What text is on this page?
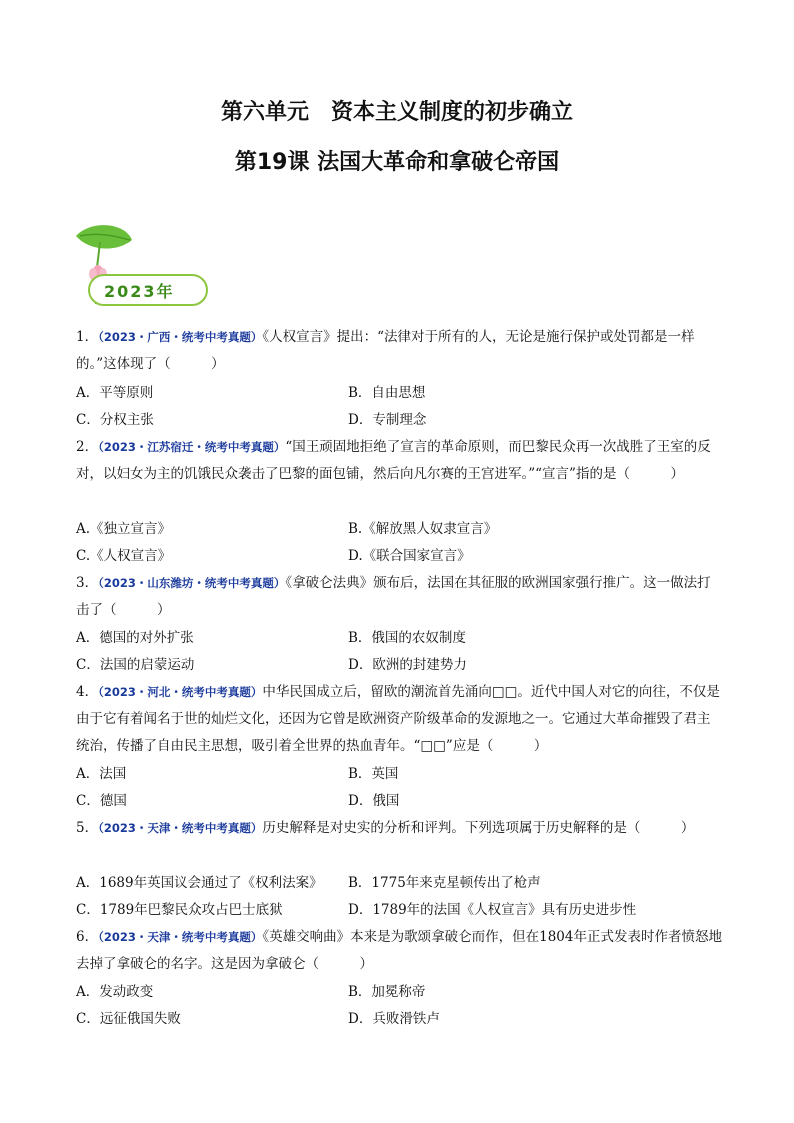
第六单元　资本主义制度的初步确立
第19课 法国大革命和拿破仑帝国
2023年
1．（2023・广西・统考中考真题）《人权宣言》提出：“法律对于所有的人，无论是施行保护或处罚都是一样的。”这体现了（　　　）
A．平等原则	B．自由思想
C．分权主张	D．专制理念
2．（2023・江苏宿迁・统考中考真题）“国王顽固地拒绝了宣言的革命原则，而巴黎民众再一次战胜了王室的反对，以妇女为主的饥饿民众袭击了巴黎的面包铺，然后向凡尔赛的王宫进军。”“宣言”指的是（　　　）
A.《独立宣言》	B.《解放黑人奴隶宣言》
C.《人权宣言》	D.《联合国家宣言》
3．（2023・山东潍坊・统考中考真题）《拿破仑法典》颁布后，法国在其征服的欧洲国家强行推广。这一做法打击了（　　　）
A．德国的对外扩张	B．俄国的农奴制度
C．法国的启蒙运动	D．欧洲的封建势力
4．（2023・河北・统考中考真题）中华民国成立后，留欧的潮流首先涌向□□。近代中国人对它的向往，不仅是由于它有着闻名于世的灿烂文化，还因为它曾是欧洲资产阶级革命的发源地之一。它通过大革命摧毁了君主统治，传播了自由民主思想，吸引着全世界的热血青年。“□□”应是（　　　）
A．法国	B．英国
C．德国	D．俄国
5．（2023・天津・统考中考真题）历史解释是对史实的分析和评判。下列选项属于历史解释的是（　　　）
A．1689年英国议会通过了《权利法案》 B．1775年来克星顿传出了枪声
C．1789年巴黎民众攻占巴士底狱	D．1789年的法国《人权宣言》具有历史进步性
6．（2023・天津・统考中考真题）《英雄交响曲》本来是为歌颂拿破仑而作，但在1804年正式发表时作者愤怒地去掉了拿破仑的名字。这是因为拿破仑（　　　）
A．发动政变	B．加冕称帝
C．远征俄国失败	D．兵败滑铁卢
